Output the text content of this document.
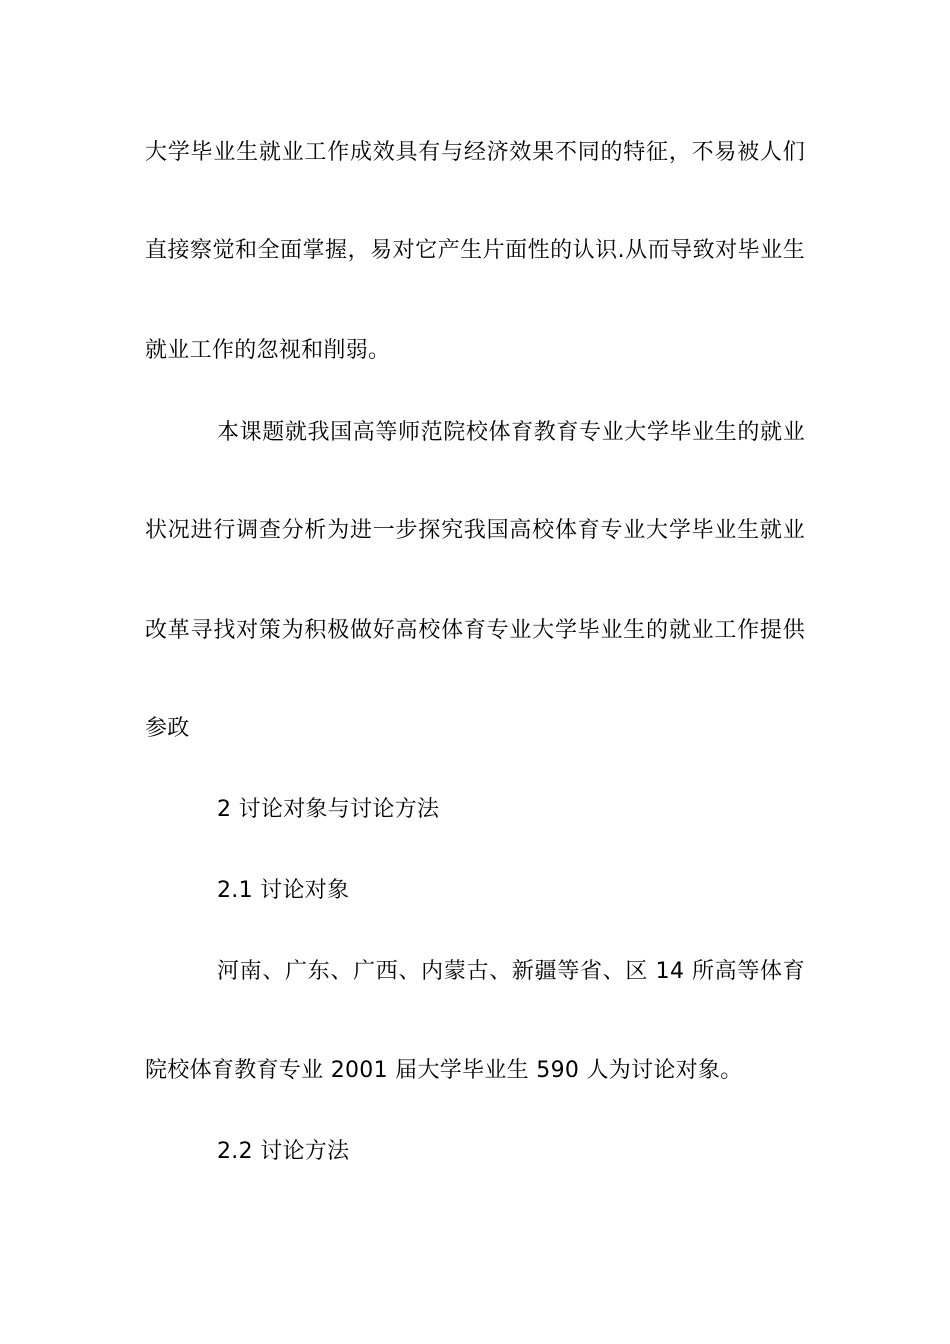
大学毕业生就业工作成效具有与经济效果不同的特征，不易被人们
直接察觉和全面掌握，易对它产生片面性的认识.从而导致对毕业生
就业工作的忽视和削弱。
本课题就我国高等师范院校体育教育专业大学毕业生的就业
状况进行调查分析为进一步探究我国高校体育专业大学毕业生就业
改革寻找对策为积极做好高校体育专业大学毕业生的就业工作提供
参政
2 讨论对象与讨论方法
2.1 讨论对象
河南、广东、广西、内蒙古、新疆等省、区 14 所高等体育
院校体育教育专业 2001 届大学毕业生 590 人为讨论对象。
2.2 讨论方法
